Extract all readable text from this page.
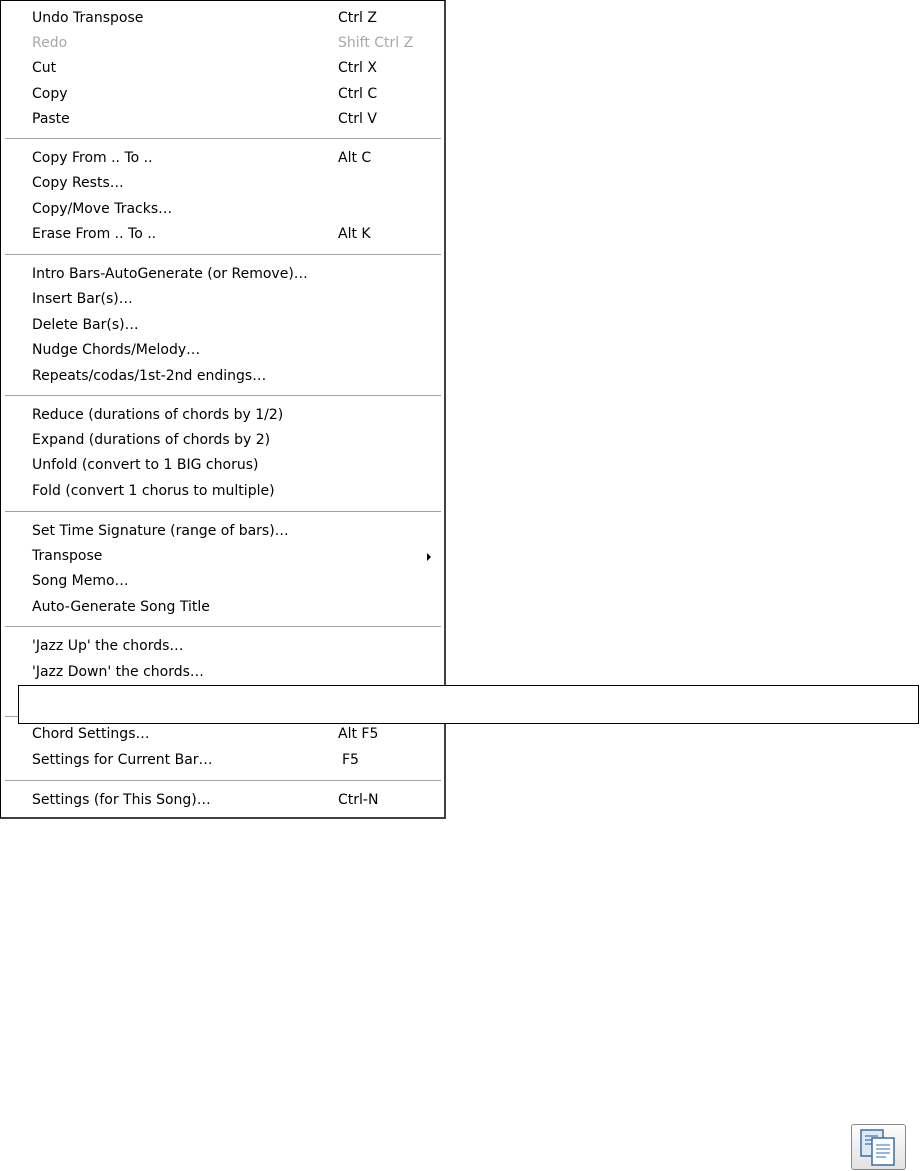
Undo Transpose	Ctrl Z
Redo	Shift Ctrl Z
Cut	Ctrl X
Copy	Ctrl C
Paste	Ctrl V
Copy From .. To ..	Alt C
Copy Rests…
Copy/Move Tracks…
Erase From .. To ..	Alt K
Intro Bars-AutoGenerate (or Remove)…
Insert Bar(s)…
Delete Bar(s)…
Nudge Chords/Melody…
Repeats/codas/1st-2nd endings…
Reduce (durations of chords by 1/2)
Expand (durations of chords by 2)
Unfold (convert to 1 BIG chorus)
Fold (convert 1 chorus to multiple)
Set Time Signature (range of bars)…
Transpose
Song Memo…
Auto-Generate Song Title
'Jazz Up' the chords…
'Jazz Down' the chords…
Chord Settings…	Alt F5
Settings for Current Bar…	F5
Settings (for This Song)…	Ctrl-N
